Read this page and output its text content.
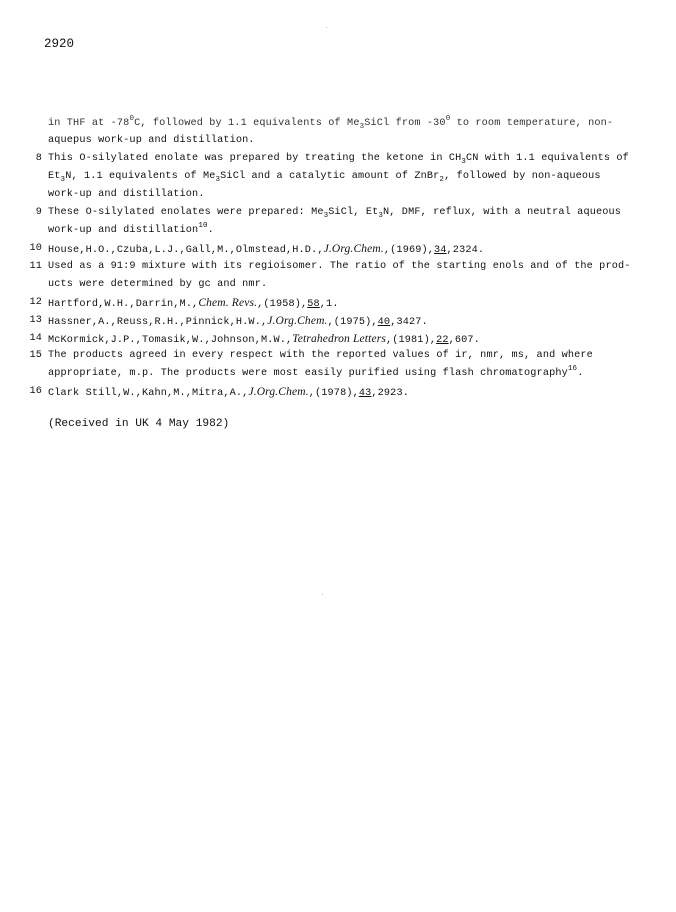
2920
in THF at $-78^0C$, followed by 1.1 equivalents of $Me_3SiCl$ from $-30^0$ to room temperature, non-
aquepus work-up and distillation.
8 This O-silylated enolate was prepared by treating the ketone in $CH_3CN$ with 1.1 equivalents of
$Et_3N$, 1.1 equivalents of $Me_3SiCl$ and a catalytic amount of ZnBr$_2$, followed by non-aqueous
work-up and distillation.
9 These O-silylated enolates were prepared: $Me_3SiCl$, $Et_3N$, DMF, reflux, with a neutral aqueous
work-up and distillation$^{10}$.
10 House,H.O.,Czuba,L.J.,Gall,M.,Olmstead,H.D.,J.Org.Chem.,(1969),34,2324.
11 Used as a 91:9 mixture with its regioisomer. The ratio of the starting enols and of the prod-
ucts were determined by gc and nmr.
12 Hartford,W.H.,Darrin,M.,Chem. Revs.,(1958),58,1.
13 Hassner,A.,Reuss,R.H.,Pinnick,H.W.,J.Org.Chem.,(1975),40,3427.
14 McKormick,J.P.,Tomasik,W.,Johnson,M.W.,Tetrahedron Letters,(1981),22,607.
15 The products agreed in every respect with the reported values of ir, nmr, ms, and where
appropriate, m.p. The products were most easily purified using flash chromatography$^{16}$.
16 Clark Still,W.,Kahn,M.,Mitra,A.,J.Org.Chem.,(1978),43,2923.
(Received in UK 4 May 1982)
